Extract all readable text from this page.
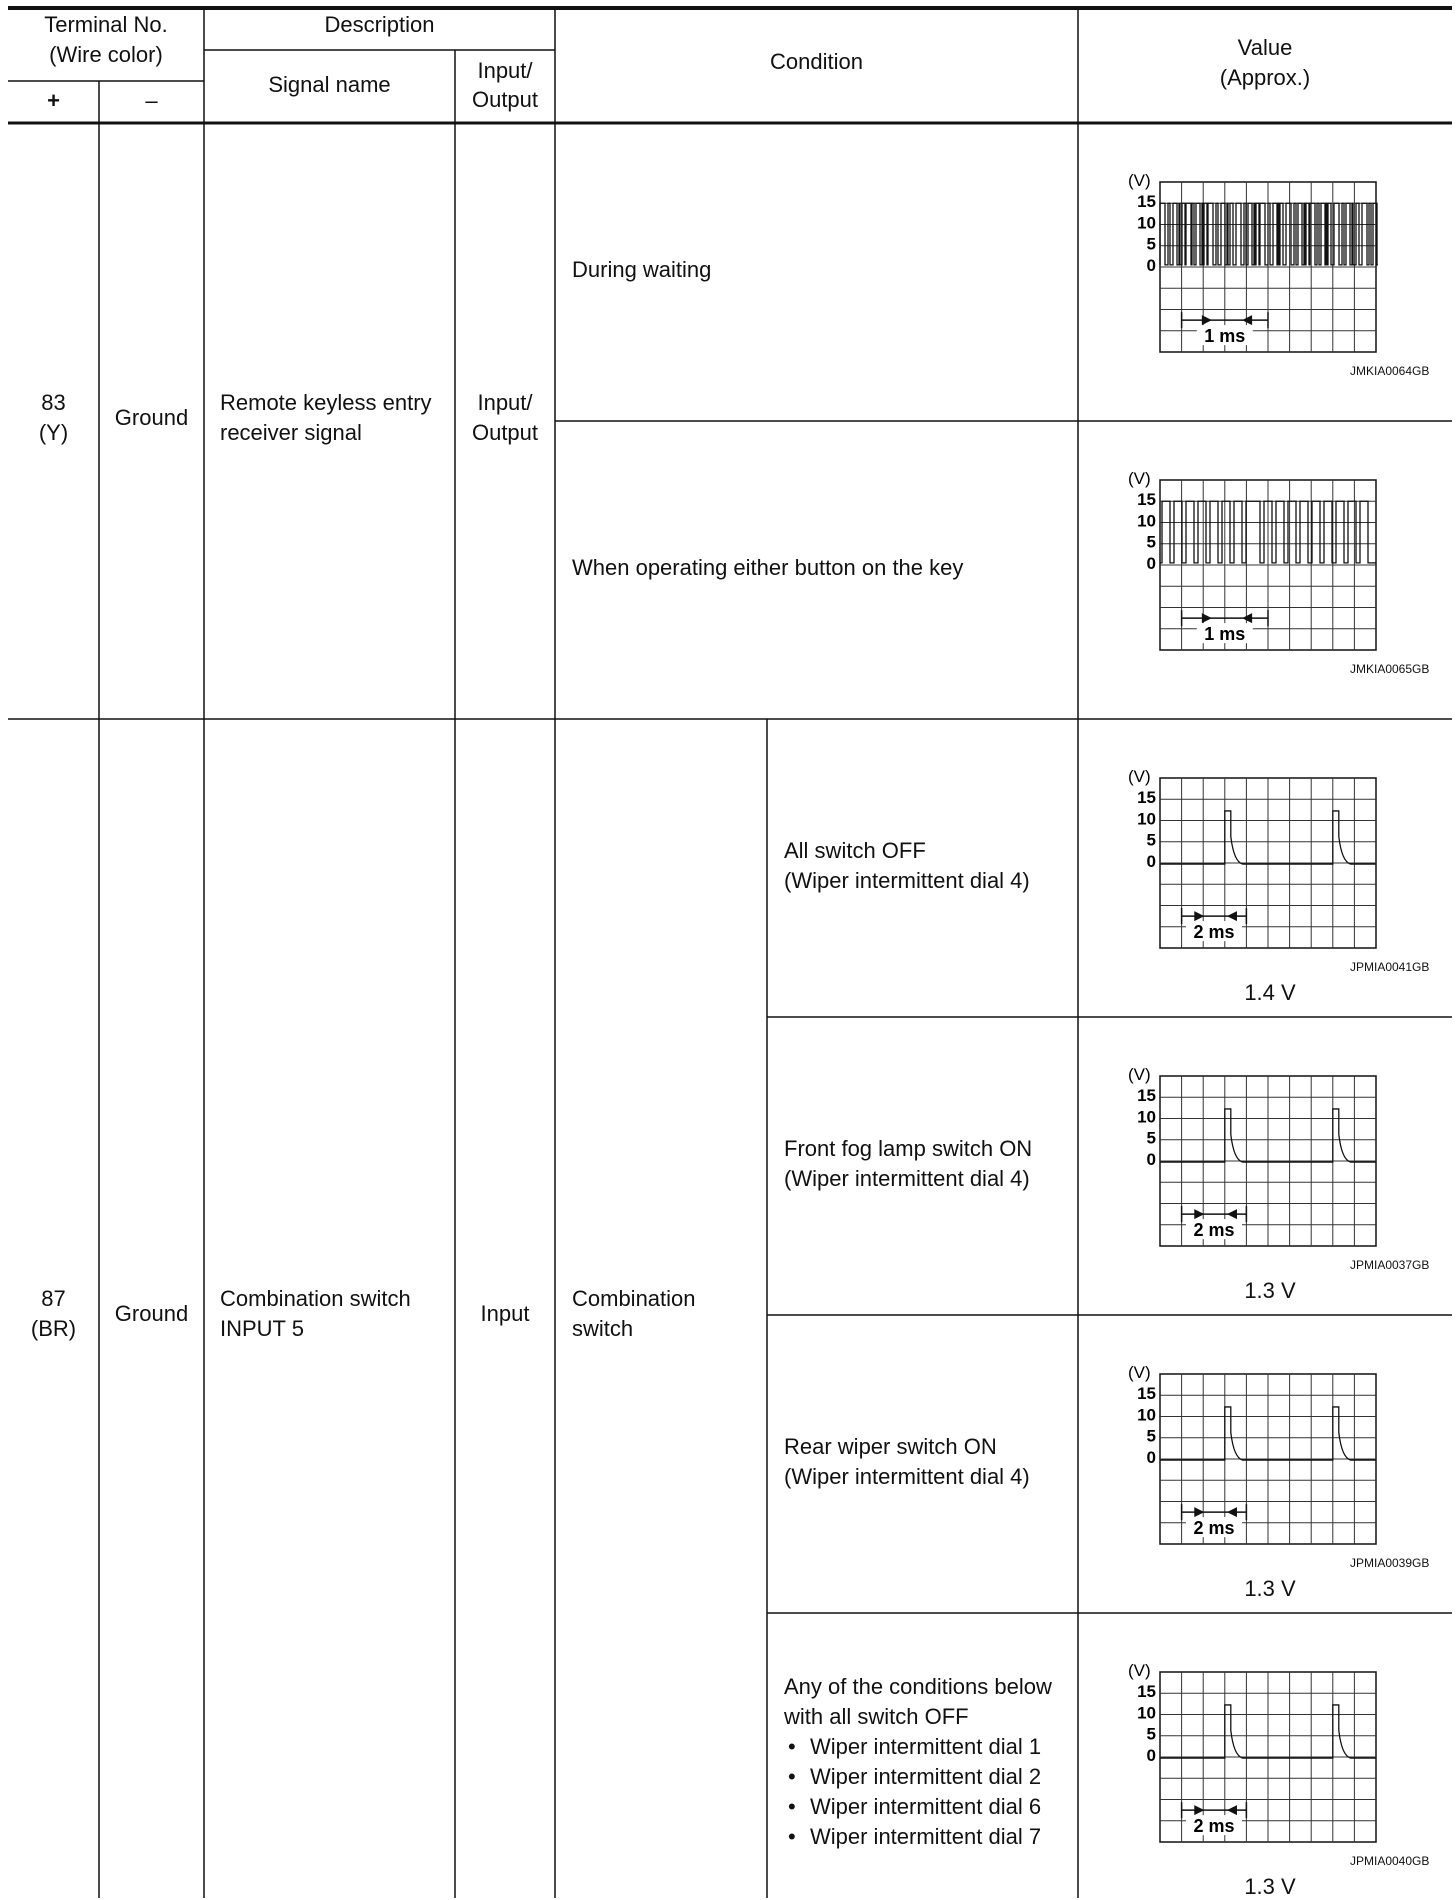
Terminal No.
(Wire color)
+	–
Description
Signal name
Input/
Output
Condition
Value
(Approx.)
83
(Y)
Ground
Remote keyless entry
receiver signal
Input/
Output
During waiting
When operating either button on the key
87
(BR)
Ground
Combination switch
INPUT 5
Input
Combination
switch
All switch OFF
(Wiper intermittent dial 4)
Front fog lamp switch ON
(Wiper intermittent dial 4)
Rear wiper switch ON
(Wiper intermittent dial 4)
Any of the conditions below
with all switch OFF
• Wiper intermittent dial 1
• Wiper intermittent dial 2
• Wiper intermittent dial 6
• Wiper intermittent dial 7
JMKIA0064GB
JMKIA0065GB
JPMIA0041GB
JPMIA0037GB
JPMIA0039GB
JPMIA0040GB
1.4 V
1.3 V
1.3 V
1.3 V
(V)
15
10
5
0
1 ms
(V)
15
10
5
0
1 ms
(V)
15
10
5
0
2 ms
(V)
15
10
5
0
2 ms
(V)
15
10
5
0
2 ms
(V)
15
10
5
0
2 ms
